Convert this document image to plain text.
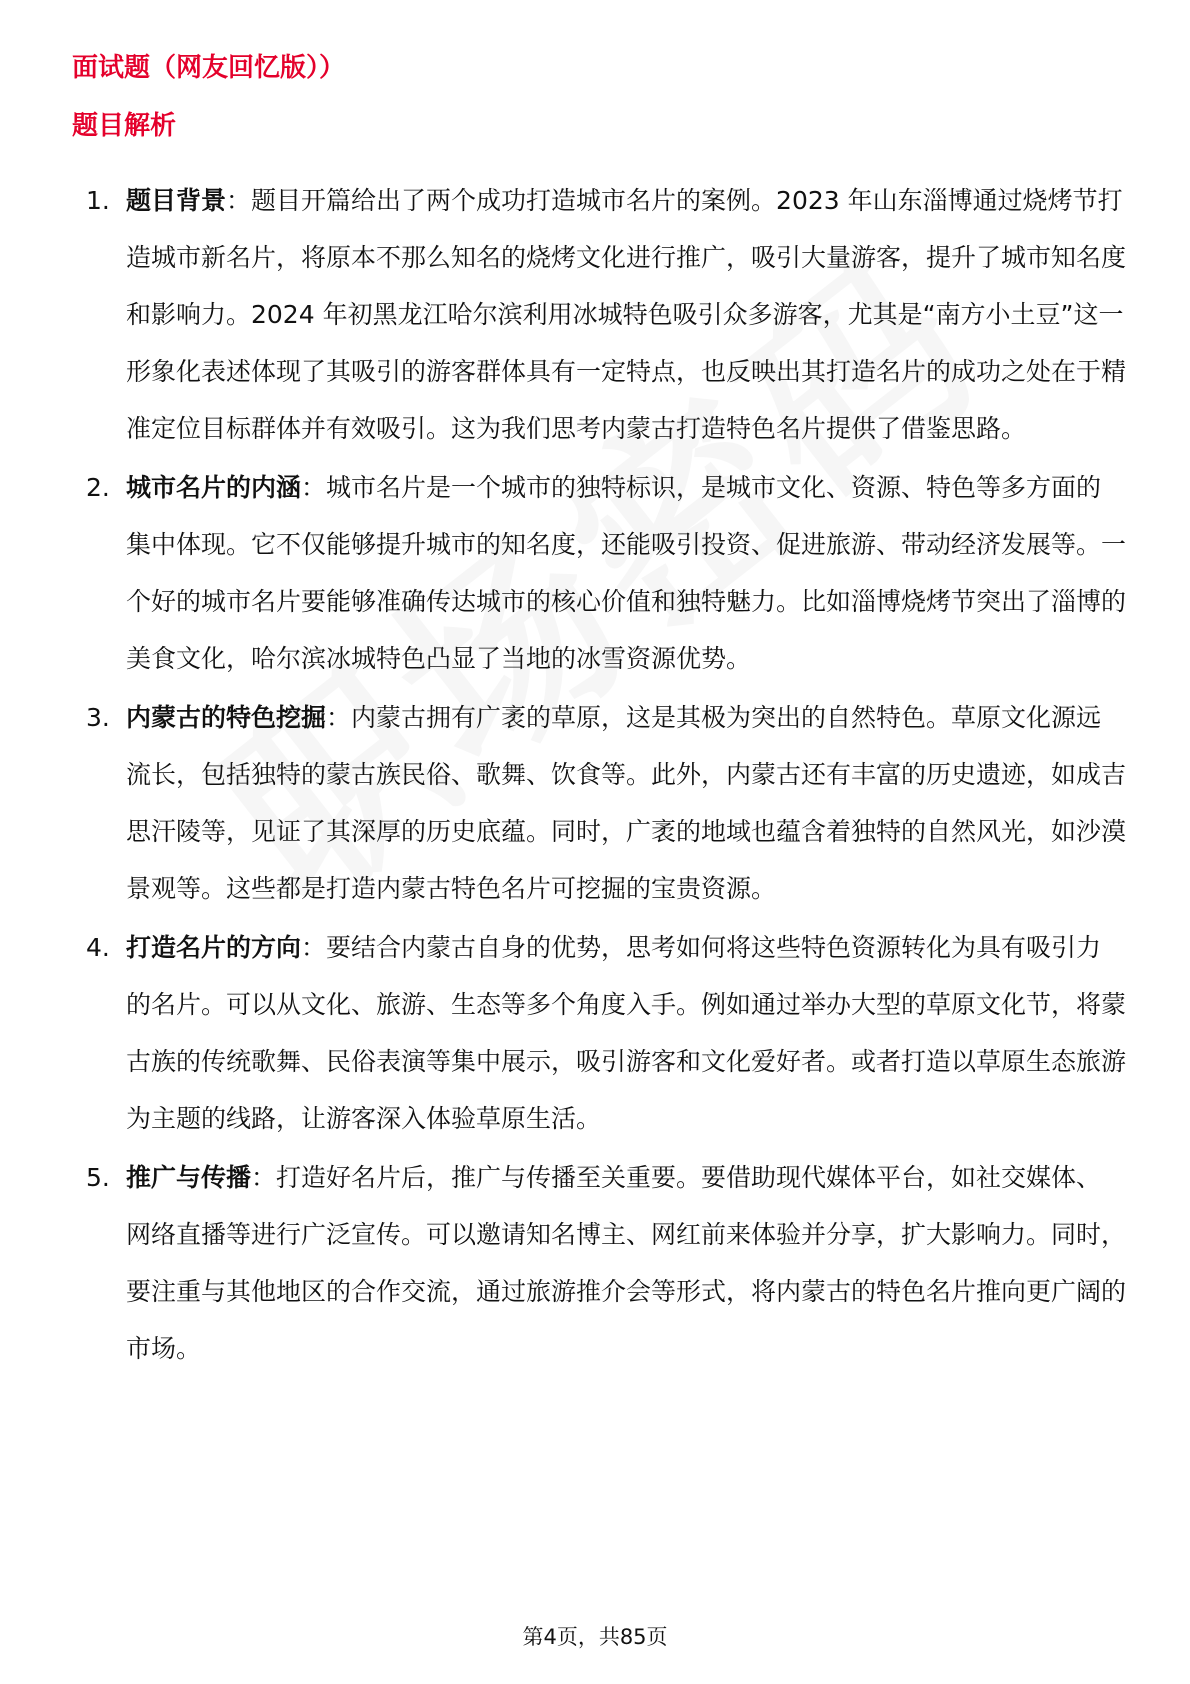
面试题（网友回忆版））
题目解析
1. 题目背景：题目开篇给出了两个成功打造城市名片的案例。2023 年山东淄博通过烧烤节打造城市新名片，将原本不那么知名的烧烤文化进行推广，吸引大量游客，提升了城市知名度和影响力。2024 年初黑龙江哈尔滨利用冰城特色吸引众多游客，尤其是“南方小土豆”这一形象化表述体现了其吸引的游客群体具有一定特点，也反映出其打造名片的成功之处在于精准定位目标群体并有效吸引。这为我们思考内蒙古打造特色名片提供了借鉴思路。
2. 城市名片的内涵：城市名片是一个城市的独特标识，是城市文化、资源、特色等多方面的集中体现。它不仅能够提升城市的知名度，还能吸引投资、促进旅游、带动经济发展等。一个好的城市名片要能够准确传达城市的核心价值和独特魅力。比如淄博烧烤节突出了淄博的美食文化，哈尔滨冰城特色凸显了当地的冰雪资源优势。
3. 内蒙古的特色挖掘：内蒙古拥有广袤的草原，这是其极为突出的自然特色。草原文化源远流长，包括独特的蒙古族民俗、歌舞、饮食等。此外，内蒙古还有丰富的历史遗迹，如成吉思汗陵等，见证了其深厚的历史底蕴。同时，广袤的地域也蕴含着独特的自然风光，如沙漠景观等。这些都是打造内蒙古特色名片可挖掘的宝贵资源。
4. 打造名片的方向：要结合内蒙古自身的优势，思考如何将这些特色资源转化为具有吸引力的名片。可以从文化、旅游、生态等多个角度入手。例如通过举办大型的草原文化节，将蒙古族的传统歌舞、民俗表演等集中展示，吸引游客和文化爱好者。或者打造以草原生态旅游为主题的线路，让游客深入体验草原生活。
5. 推广与传播：打造好名片后，推广与传播至关重要。要借助现代媒体平台，如社交媒体、网络直播等进行广泛宣传。可以邀请知名博主、网红前来体验并分享，扩大影响力。同时，要注重与其他地区的合作交流，通过旅游推介会等形式，将内蒙古的特色名片推向更广阔的市场。
第4页，共85页
